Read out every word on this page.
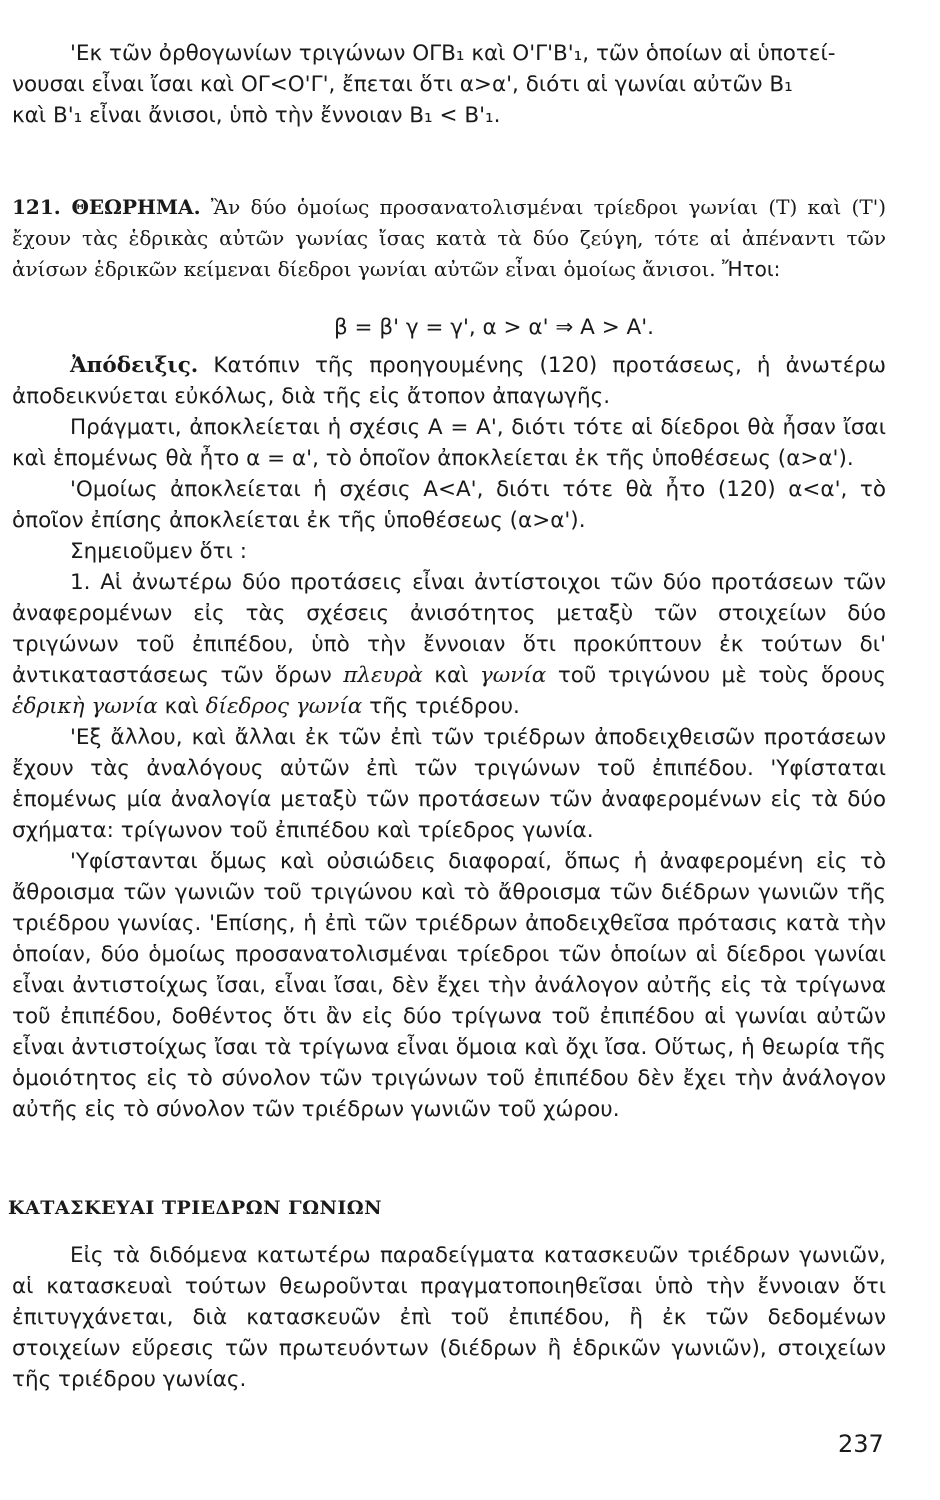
'Εκ τῶν ὀρθογωνίων τριγώνων ΟΓΒ₁ καὶ Ο'Γ'Β'₁, τῶν ὁποίων αἱ ὑποτεί-

νουσαι εἶναι ἴσαι καὶ ΟΓ<Ο'Γ', ἔπεται ὅτι α>α', διότι αἱ γωνίαι αὐτῶν Β₁

καὶ Β'₁ εἶναι ἄνισοι, ὑπὸ τὴν ἔννοιαν Β₁ < Β'₁.

121. ΘΕΩΡΗΜΑ. Ἂν δύο ὁμοίως προσανατολισμέναι τρίεδροι γωνίαι (Τ) καὶ (Τ') ἔχουν τὰς ἑδρικὰς αὐτῶν γωνίας ἴσας κατὰ τὰ δύο ζεύγη, τότε αἱ ἀπέναντι τῶν ἀνίσων ἑδρικῶν κείμεναι δίεδροι γωνίαι αὐτῶν εἶναι ὁμοίως ἄνισοι. Ἤτοι:

β = β' γ = γ', α > α' ⇒ Α > Α'.

Ἀπόδειξις. Κατόπιν τῆς προηγουμένης (120) προτάσεως, ἡ ἀνωτέρω ἀποδεικνύεται εὐκόλως, διὰ τῆς εἰς ἄτοπον ἀπαγωγῆς.

Πράγματι, ἀποκλείεται ἡ σχέσις Α = Α', διότι τότε αἱ δίεδροι θὰ ἦσαν ἴσαι καὶ ἑπομένως θὰ ἦτο α = α', τὸ ὁποῖον ἀποκλείεται ἐκ τῆς ὑποθέσεως (α>α').

'Ομοίως ἀποκλείεται ἡ σχέσις Α<Α', διότι τότε θὰ ἦτο (120) α<α', τὸ ὁποῖον ἐπίσης ἀποκλείεται ἐκ τῆς ὑποθέσεως (α>α').

Σημειοῦμεν ὅτι :

1. Αἱ ἀνωτέρω δύο προτάσεις εἶναι ἀντίστοιχοι τῶν δύο προτάσεων τῶν ἀναφερομένων εἰς τὰς σχέσεις ἀνισότητος μεταξὺ τῶν στοιχείων δύο τριγώνων τοῦ ἐπιπέδου, ὑπὸ τὴν ἔννοιαν ὅτι προκύπτουν ἐκ τούτων δι' ἀντικαταστάσεως τῶν ὅρων πλευρὰ καὶ γωνία τοῦ τριγώνου μὲ τοὺς ὅρους ἑδρικὴ γωνία καὶ δίεδρος γωνία τῆς τριέδρου.

'Εξ ἄλλου, καὶ ἄλλαι ἐκ τῶν ἐπὶ τῶν τριέδρων ἀποδειχθεισῶν προτάσεων ἔχουν τὰς ἀναλόγους αὐτῶν ἐπὶ τῶν τριγώνων τοῦ ἐπιπέδου. 'Υφίσταται ἑπομένως μία ἀναλογία μεταξὺ τῶν προτάσεων τῶν ἀναφερομένων εἰς τὰ δύο σχήματα: τρίγωνον τοῦ ἐπιπέδου καὶ τρίεδρος γωνία.

'Υφίστανται ὅμως καὶ οὐσιώδεις διαφοραί, ὅπως ἡ ἀναφερομένη εἰς τὸ ἄθροισμα τῶν γωνιῶν τοῦ τριγώνου καὶ τὸ ἄθροισμα τῶν διέδρων γωνιῶν τῆς τριέδρου γωνίας. 'Επίσης, ἡ ἐπὶ τῶν τριέδρων ἀποδειχθεῖσα πρότασις κατὰ τὴν ὁποίαν, δύο ὁμοίως προσανατολισμέναι τρίεδροι τῶν ὁποίων αἱ δίεδροι γωνίαι εἶναι ἀντιστοίχως ἴσαι, εἶναι ἴσαι, δὲν ἔχει τὴν ἀνάλογον αὐτῆς εἰς τὰ τρίγωνα τοῦ ἐπιπέδου, δοθέντος ὅτι ἂν εἰς δύο τρίγωνα τοῦ ἐπιπέδου αἱ γωνίαι αὐτῶν εἶναι ἀντιστοίχως ἴσαι τὰ τρίγωνα εἶναι ὅμοια καὶ ὄχι ἴσα. Οὕτως, ἡ θεωρία τῆς ὁμοιότητος εἰς τὸ σύνολον τῶν τριγώνων τοῦ ἐπιπέδου δὲν ἔχει τὴν ἀνάλογον αὐτῆς εἰς τὸ σύνολον τῶν τριέδρων γωνιῶν τοῦ χώρου.

ΚΑΤΑΣΚΕΥΑΙ ΤΡΙΕΔΡΩΝ ΓΩΝΙΩΝ

Εἰς τὰ διδόμενα κατωτέρω παραδείγματα κατασκευῶν τριέδρων γωνιῶν, αἱ κατασκευαὶ τούτων θεωροῦνται πραγματοποιηθεῖσαι ὑπὸ τὴν ἔννοιαν ὅτι ἐπιτυγχάνεται, διὰ κατασκευῶν ἐπὶ τοῦ ἐπιπέδου, ἢ ἐκ τῶν δεδομένων στοιχείων εὕρεσις τῶν πρωτευόντων (διέδρων ἢ ἑδρικῶν γωνιῶν), στοιχείων τῆς τριέδρου γωνίας.

237
